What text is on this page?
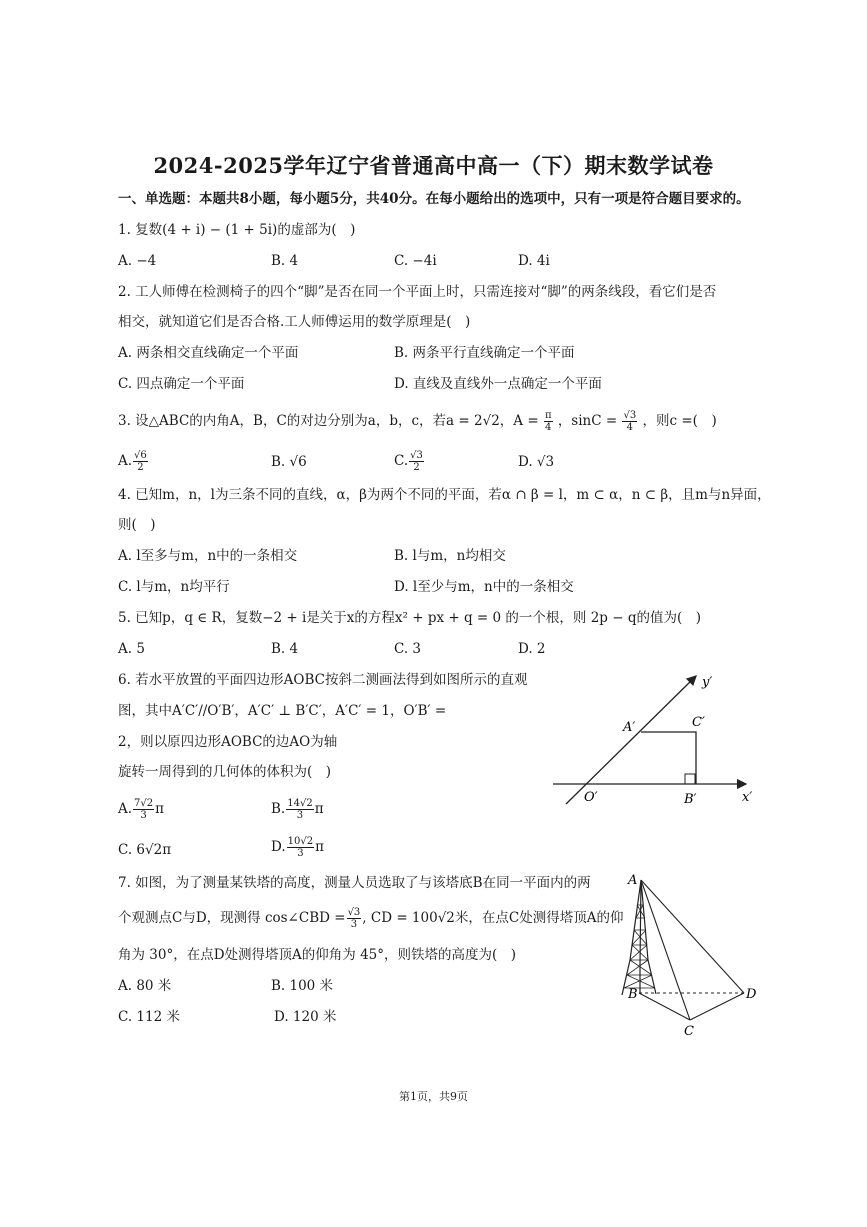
2024-2025学年辽宁省普通高中高一（下）期末数学试卷
一、单选题：本题共8小题，每小题5分，共40分。在每小题给出的选项中，只有一项是符合题目要求的。
1. 复数(4 + i) − (1 + 5i)的虚部为(　)
A. −4	B. 4	C. −4i	D. 4i
2. 工人师傅在检测椅子的四个“脚”是否在同一个平面上时，只需连接对“脚”的两条线段，看它们是否
相交，就知道它们是否合格.工人师傅运用的数学原理是(　)
A. 两条相交直线确定一个平面	B. 两条平行直线确定一个平面
C. 四点确定一个平面	D. 直线及直线外一点确定一个平面
3. 设△ABC的内角A，B，C的对边分别为a，b，c，若a = 2√2，$A = \frac{\pi}{4}$ ，$\sin C = \frac{√3}{4}$ ，则c =(　)
A. $\frac{√6}{2}$	B. √6	C. $\frac{√3}{2}$	D. √3
4. 已知m，n，l为三条不同的直线，α，β为两个不同的平面，若α ∩ β = l，m ⊂ α，n ⊂ β，且m与n异面，
则(　)
A. l至多与m，n中的一条相交	B. l与m，n均相交
C. l与m，n均平行	D. l至少与m，n中的一条相交
5. 已知p，q ∈ R，复数−2 + i是关于x的方程x² + px + q = 0 的一个根，则 2p − q的值为(　)
A. 5	B. 4	C. 3	D. 2
6. 若水平放置的平面四边形AOBC按斜二测画法得到如图所示的直观
图，其中A′C′//O′B′，A′C′ ⊥ B′C′，A′C′ = 1，O′B′ =
2，则以原四边形AOBC的边AO为轴
旋转一周得到的几何体的体积为(　)
A. $\frac{7√2}{3}$ π	B. $\frac{14√2}{3}$ π
C. 6√2π	D. $\frac{10√2}{3}$ π
y′
x′
A′	C′
O′	B′
7. 如图，为了测量某铁塔的高度，测量人员选取了与该塔底B在同一平面内的两
个观测点C与D，现测得 cos∠CBD = $\frac{√3}{3}$ , CD = 100√2米，在点C处测得塔顶A的仰
角为 30°，在点D处测得塔顶A的仰角为 45°，则铁塔的高度为(　)
A. 80 米	B. 100 米
C. 112 米	D. 120 米
A
B
C
D
第1页，共9页
